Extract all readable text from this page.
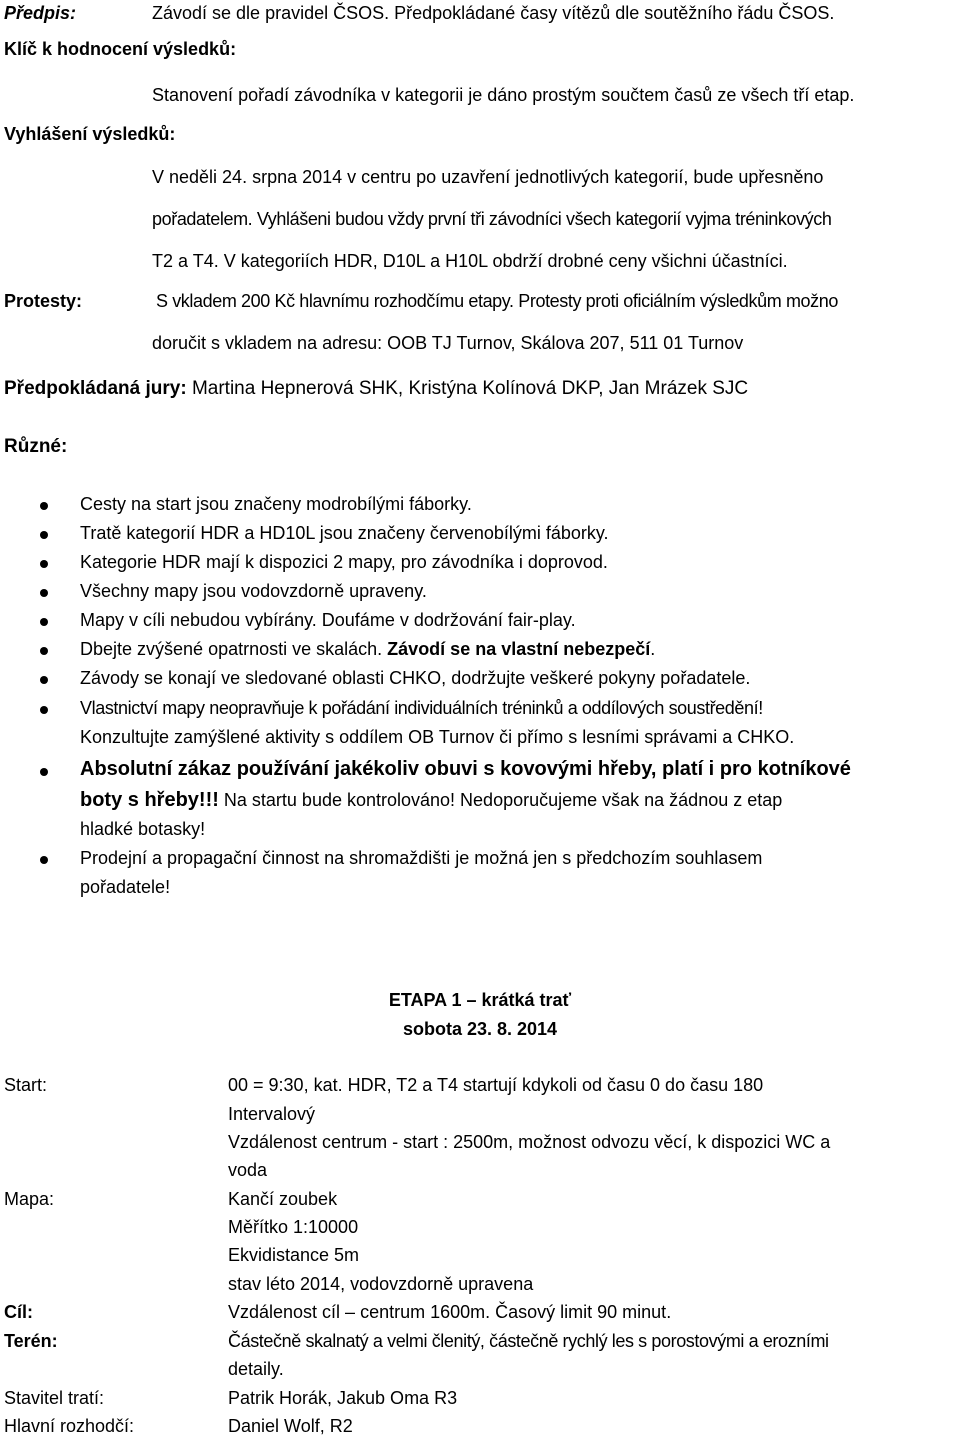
Předpis:	Závodí se dle pravidel ČSOS. Předpokládané časy vítězů dle soutěžního řádu ČSOS.
Klíč k hodnocení výsledků:
Stanovení pořadí závodníka v kategorii je dáno prostým součtem časů ze všech tří etap.
Vyhlášení výsledků:
V neděli 24. srpna 2014 v centru po uzavření jednotlivých kategorií, bude upřesněno
pořadatelem. Vyhlášeni budou vždy první tři závodníci všech kategorií vyjma tréninkových
T2 a T4. V kategoriích HDR, D10L a H10L obdrží drobné ceny všichni účastníci.
Protesty:	S vkladem 200 Kč hlavnímu rozhodčímu etapy. Protesty proti oficiálním výsledkům možno
doručit s vkladem na adresu: OOB TJ Turnov, Skálova 207, 511 01 Turnov
Předpokládaná jury: Martina Hepnerová SHK, Kristýna Kolínová DKP, Jan Mrázek SJC
Různé:
Cesty na start jsou značeny modrobílými fáborky.
Tratě kategorií HDR a HD10L jsou značeny červenobílými fáborky.
Kategorie HDR mají k dispozici 2 mapy, pro závodníka i doprovod.
Všechny mapy jsou vodovzdorně upraveny.
Mapy v cíli nebudou vybírány. Doufáme v dodržování fair-play.
Dbejte zvýšené opatrnosti ve skalách. Závodí se na vlastní nebezpečí.
Závody se konají ve sledované oblasti CHKO, dodržujte veškeré pokyny pořadatele.
Vlastnictví mapy neopravňuje k pořádání individuálních tréninků a oddílových soustředění!
Konzultujte zamýšlené aktivity s oddílem OB Turnov či přímo s lesními správami a CHKO.
Absolutní zákaz používání jakékoliv obuvi s kovovými hřeby, platí i pro kotníkové
boty s hřeby!!! Na startu bude kontrolováno! Nedoporučujeme však na žádnou z etap
hladké botasky!
Prodejní a propagační činnost na shromaždišti je možná jen s předchozím souhlasem
pořadatele!
ETAPA 1 – krátká trať
sobota 23. 8. 2014
Start:	00 = 9:30, kat. HDR, T2 a T4 startují kdykoli od času 0 do času 180
Intervalový
Vzdálenost centrum - start : 2500m, možnost odvozu věcí, k dispozici WC a
voda
Mapa:	Kančí zoubek
Měřítko 1:10000
Ekvidistance 5m
stav léto 2014, vodovzdorně upravena
Cíl:	Vzdálenost cíl – centrum 1600m. Časový limit 90 minut.
Terén:	Částečně skalnatý a velmi členitý, částečně rychlý les s porostovými a erozními
detaily.
Stavitel tratí:	Patrik Horák, Jakub Oma R3
Hlavní rozhodčí:	Daniel Wolf, R2
